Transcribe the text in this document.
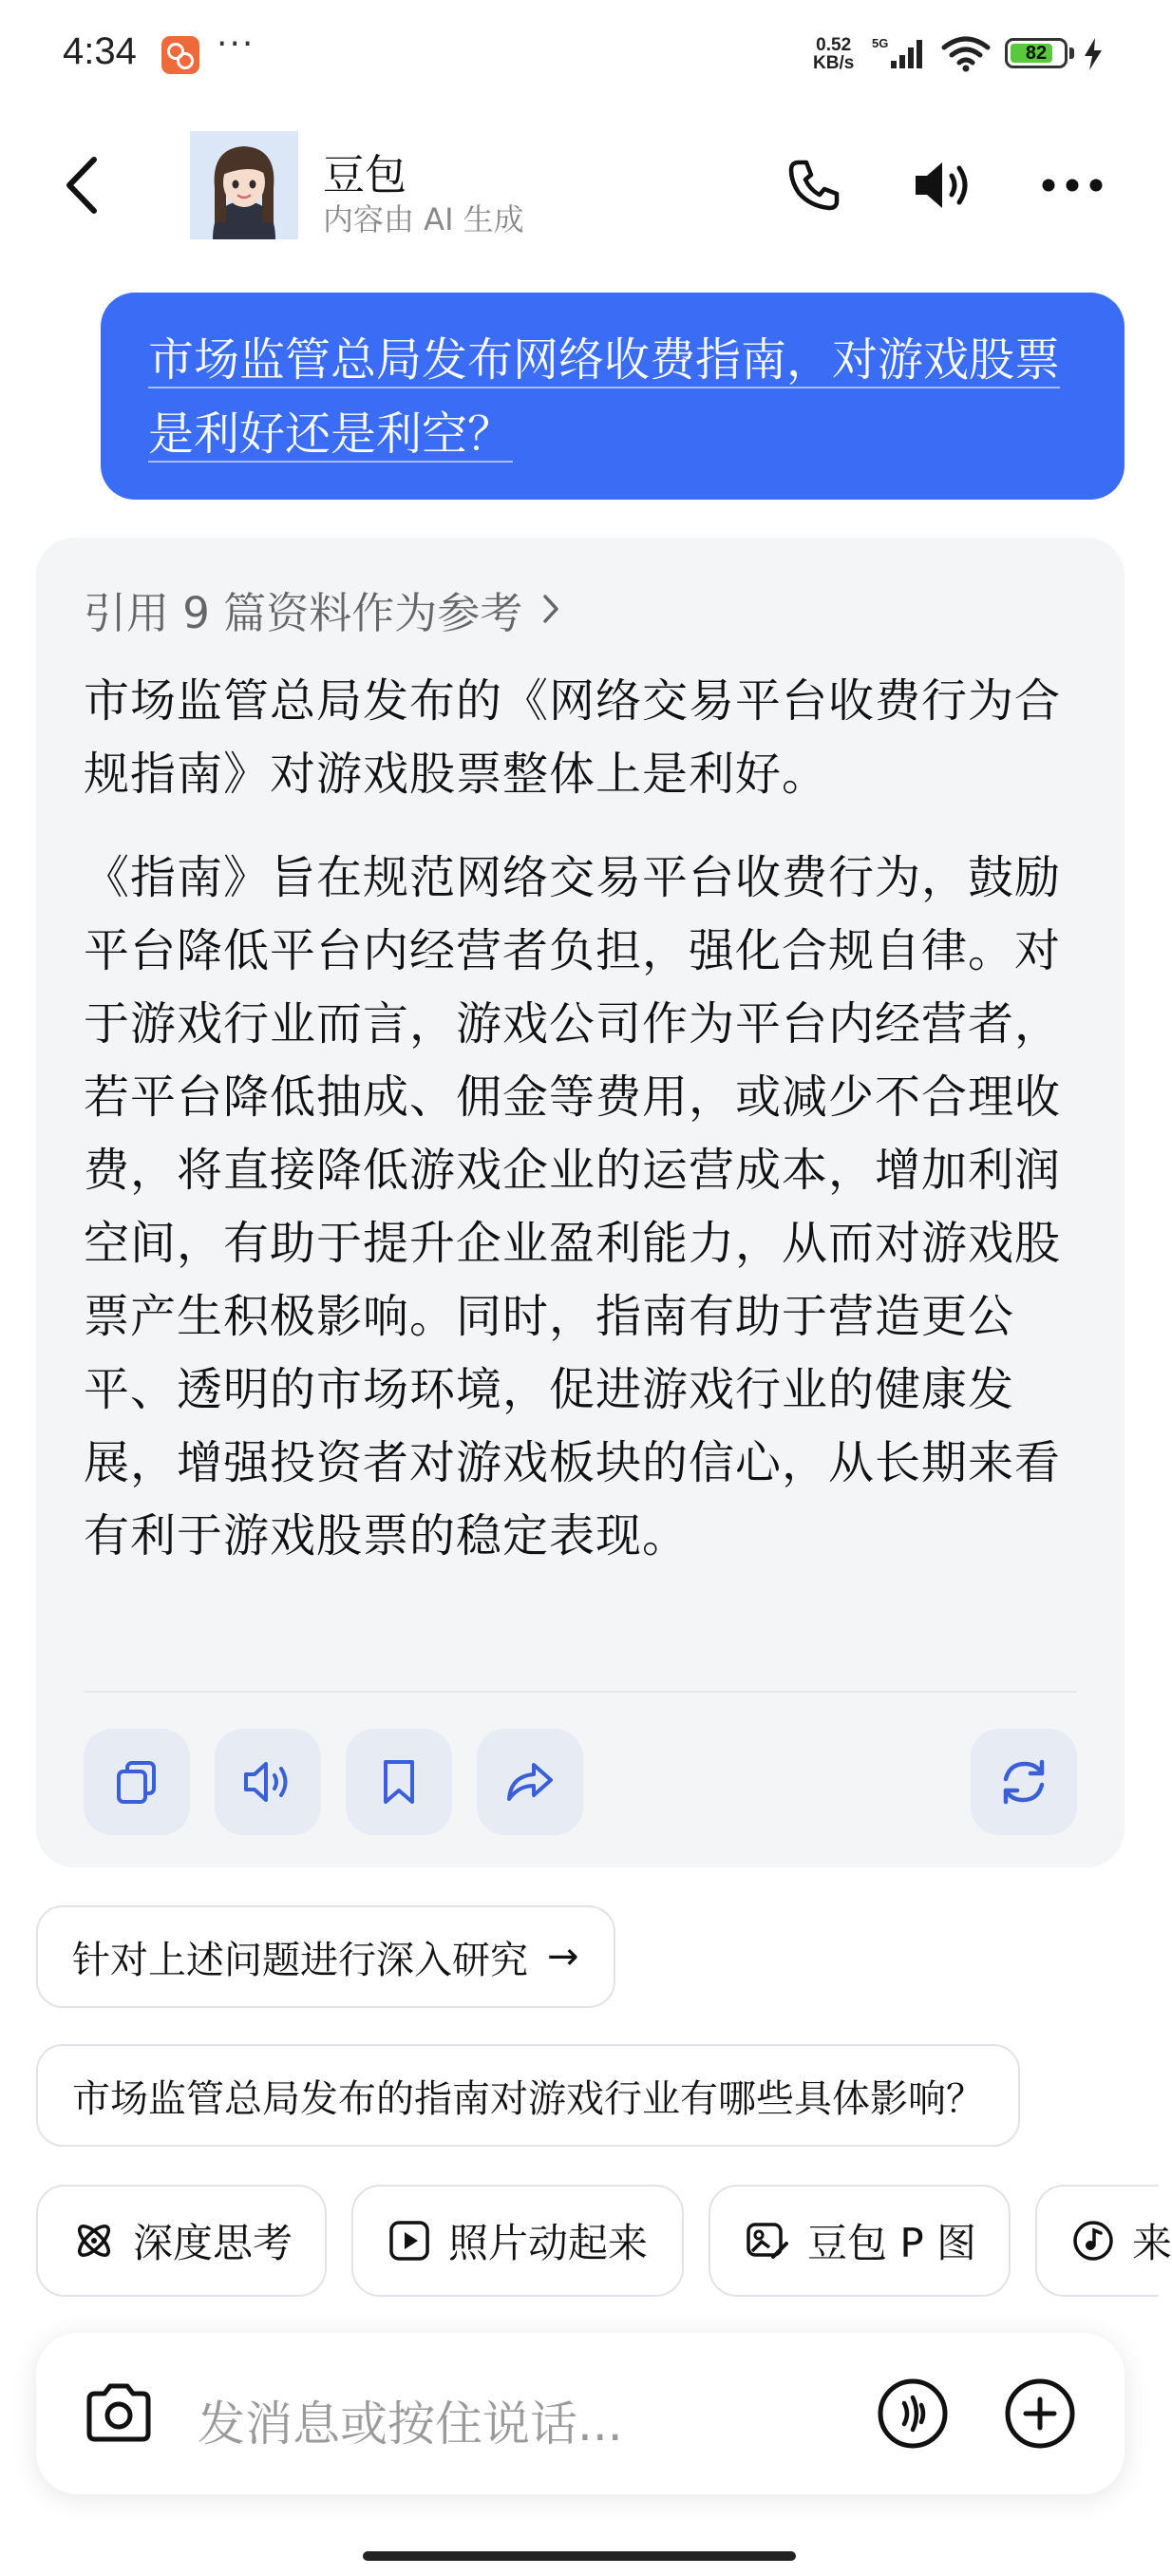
4:34 ···	0.52
KB/s
5G	82
豆包
内容由 AI 生成
市场监管总局发布网络收费指南，对游戏股票是利好还是利空？
引用 9 篇资料作为参考

市场监管总局发布的《网络交易平台收费行为合规指南》对游戏股票整体上是利好。

《指南》旨在规范网络交易平台收费行为，鼓励平台降低平台内经营者负担，强化合规自律。对于游戏行业而言，游戏公司作为平台内经营者，若平台降低抽成、佣金等费用，或减少不合理收费，将直接降低游戏企业的运营成本，增加利润空间，有助于提升企业盈利能力，从而对游戏股票产生积极影响。同时，指南有助于营造更公平、透明的市场环境，促进游戏行业的健康发展，增强投资者对游戏板块的信心，从长期来看有利于游戏股票的稳定表现。

针对上述问题进行深入研究 →
市场监管总局发布的指南对游戏行业有哪些具体影响？
深度思考	照片动起来	豆包 P 图	来
发消息或按住说话...
